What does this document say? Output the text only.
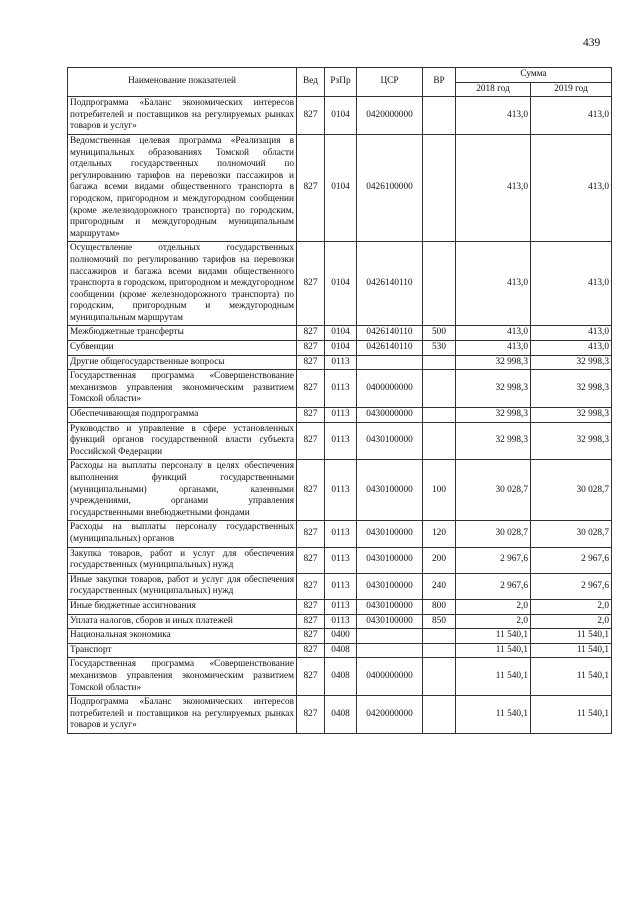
439
Наименование показателей	Вед	РзПр	ЦСР	ВР	Сумма	
					2018 год	2019 год
Подпрограмма «Баланс экономических интересов потребителей и поставщиков на регулируемых рынках товаров и услуг»	827	0104	0420000000		413,0	413,0
Ведомственная целевая программа «Реализация в муниципальных образованиях Томской области отдельных государственных полномочий по регулированию тарифов на перевозки пассажиров и багажа всеми видами общественного транспорта в городском, пригородном и междугородном сообщении (кроме железнодорожного транспорта) по городским, пригородным и междугородным муниципальным маршрутам»	827	0104	0426100000		413,0	413,0
Осуществление отдельных государственных полномочий по регулированию тарифов на перевозки пассажиров и багажа всеми видами общественного транспорта в городском, пригородном и междугородном сообщении (кроме железнодорожного транспорта) по городским, пригородным и междугородным муниципальным маршрутам	827	0104	0426140110		413,0	413,0
Межбюджетные трансферты	827	0104	0426140110	500	413,0	413,0
Субвенции	827	0104	0426140110	530	413,0	413,0
Другие общегосударственные вопросы	827	0113			32 998,3	32 998,3
Государственная программа «Совершенствование механизмов управления экономическим развитием Томской области»	827	0113	0400000000		32 998,3	32 998,3
Обеспечивающая подпрограмма	827	0113	0430000000		32 998,3	32 998,3
Руководство и управление в сфере установленных функций органов государственной власти субъекта Российской Федерации	827	0113	0430100000		32 998,3	32 998,3
Расходы на выплаты персоналу в целях обеспечения выполнения функций государственными (муниципальными) органами, казенными учреждениями, органами управления государственными внебюджетными фондами	827	0113	0430100000	100	30 028,7	30 028,7
Расходы на выплаты персоналу государственных (муниципальных) органов	827	0113	0430100000	120	30 028,7	30 028,7
Закупка товаров, работ и услуг для обеспечения государственных (муниципальных) нужд	827	0113	0430100000	200	2 967,6	2 967,6
Иные закупки товаров, работ и услуг для обеспечения государственных (муниципальных) нужд	827	0113	0430100000	240	2 967,6	2 967,6
Иные бюджетные ассигнования	827	0113	0430100000	800	2,0	2,0
Уплата налогов, сборов и иных платежей	827	0113	0430100000	850	2,0	2,0
Национальная экономика	827	0400			11 540,1	11 540,1
Транспорт	827	0408			11 540,1	11 540,1
Государственная программа «Совершенствование механизмов управления экономическим развитием Томской области»	827	0408	0400000000		11 540,1	11 540,1
Подпрограмма «Баланс экономических интересов потребителей и поставщиков на регулируемых рынках товаров и услуг»	827	0408	0420000000		11 540,1	11 540,1
